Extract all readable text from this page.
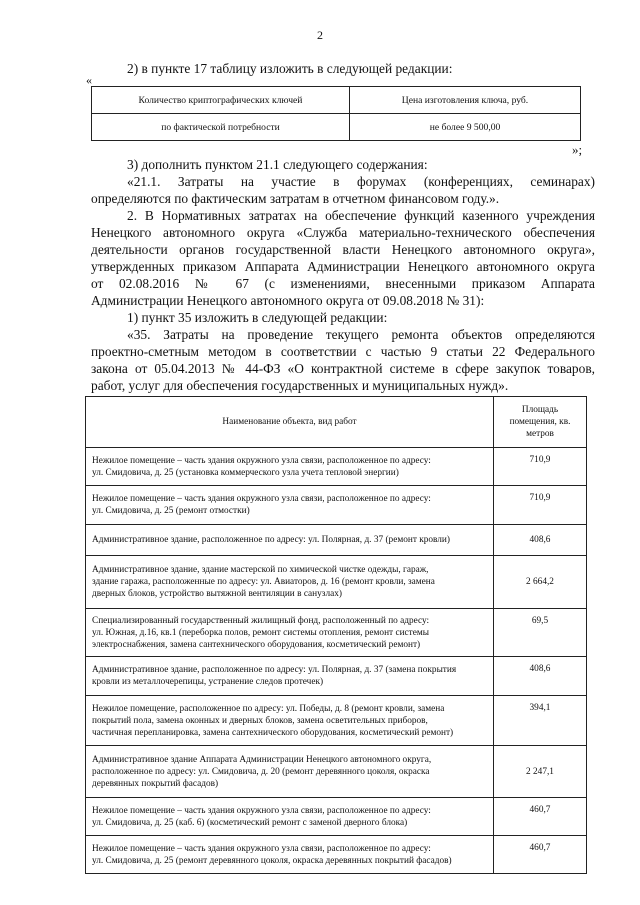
2
2) в пункте 17 таблицу изложить в следующей редакции:
«
Количество криптографических ключей	Цена изготовления ключа, руб.
по фактической потребности	не более 9 500,00
»;
3) дополнить пунктом 21.1 следующего содержания:
«21.1. Затраты на участие в форумах (конференциях, семинарах)
определяются по фактическим затратам в отчетном финансовом году.».
2. В Нормативных затратах на обеспечение функций казенного учреждения
Ненецкого автономного округа «Служба материально-технического обеспечения
деятельности органов государственной власти Ненецкого автономного округа»,
утвержденных приказом Аппарата Администрации Ненецкого автономного округа
от 02.08.2016 № 67 (с изменениями, внесенными приказом Аппарата
Администрации Ненецкого автономного округа от 09.08.2018 № 31):
1) пункт 35 изложить в следующей редакции:
«35. Затраты на проведение текущего ремонта объектов определяются
проектно-сметным методом в соответствии с частью 9 статьи 22 Федерального
закона от 05.04.2013 № 44-ФЗ «О контрактной системе в сфере закупок товаров,
работ, услуг для обеспечения государственных и муниципальных нужд».
Наименование объекта, вид работ	Площадь
помещения, кв.
метров

Нежилое помещение – часть здания окружного узла связи, расположенное по адресу:
ул. Смидовича, д. 25 (установка коммерческого узла учета тепловой энергии)	710,9

Нежилое помещение – часть здания окружного узла связи, расположенное по адресу:
ул. Смидовича, д. 25 (ремонт отмостки)	710,9

Административное здание, расположенное по адресу: ул. Полярная, д. 37 (ремонт кровли)	408,6

Административное здание, здание мастерской по химической чистке одежды, гараж,
здание гаража, расположенные по адресу: ул. Авиаторов, д. 16 (ремонт кровли, замена
дверных блоков, устройство вытяжной вентиляции в санузлах)	2 664,2

Специализированный государственный жилищный фонд, расположенный по адресу:
ул. Южная, д.16, кв.1 (переборка полов, ремонт системы отопления, ремонт системы
электроснабжения, замена сантехнического оборудования, косметический ремонт)	69,5

Административное здание, расположенное по адресу: ул. Полярная, д. 37 (замена покрытия
кровли из металлочерепицы, устранение следов протечек)	408,6

Нежилое помещение, расположенное по адресу: ул. Победы, д. 8 (ремонт кровли, замена
покрытий пола, замена оконных и дверных блоков, замена осветительных приборов,
частичная перепланировка, замена сантехнического оборудования, косметический ремонт)	394,1

Административное здание Аппарата Администрации Ненецкого автономного округа,
расположенное по адресу: ул. Смидовича, д. 20 (ремонт деревянного цоколя, окраска
деревянных покрытий фасадов)	2 247,1

Нежилое помещение – часть здания окружного узла связи, расположенное по адресу:
ул. Смидовича, д. 25 (каб. 6) (косметический ремонт с заменой дверного блока)	460,7

Нежилое помещение – часть здания окружного узла связи, расположенное по адресу:
ул. Смидовича, д. 25 (ремонт деревянного цоколя, окраска деревянных покрытий фасадов)	460,7
